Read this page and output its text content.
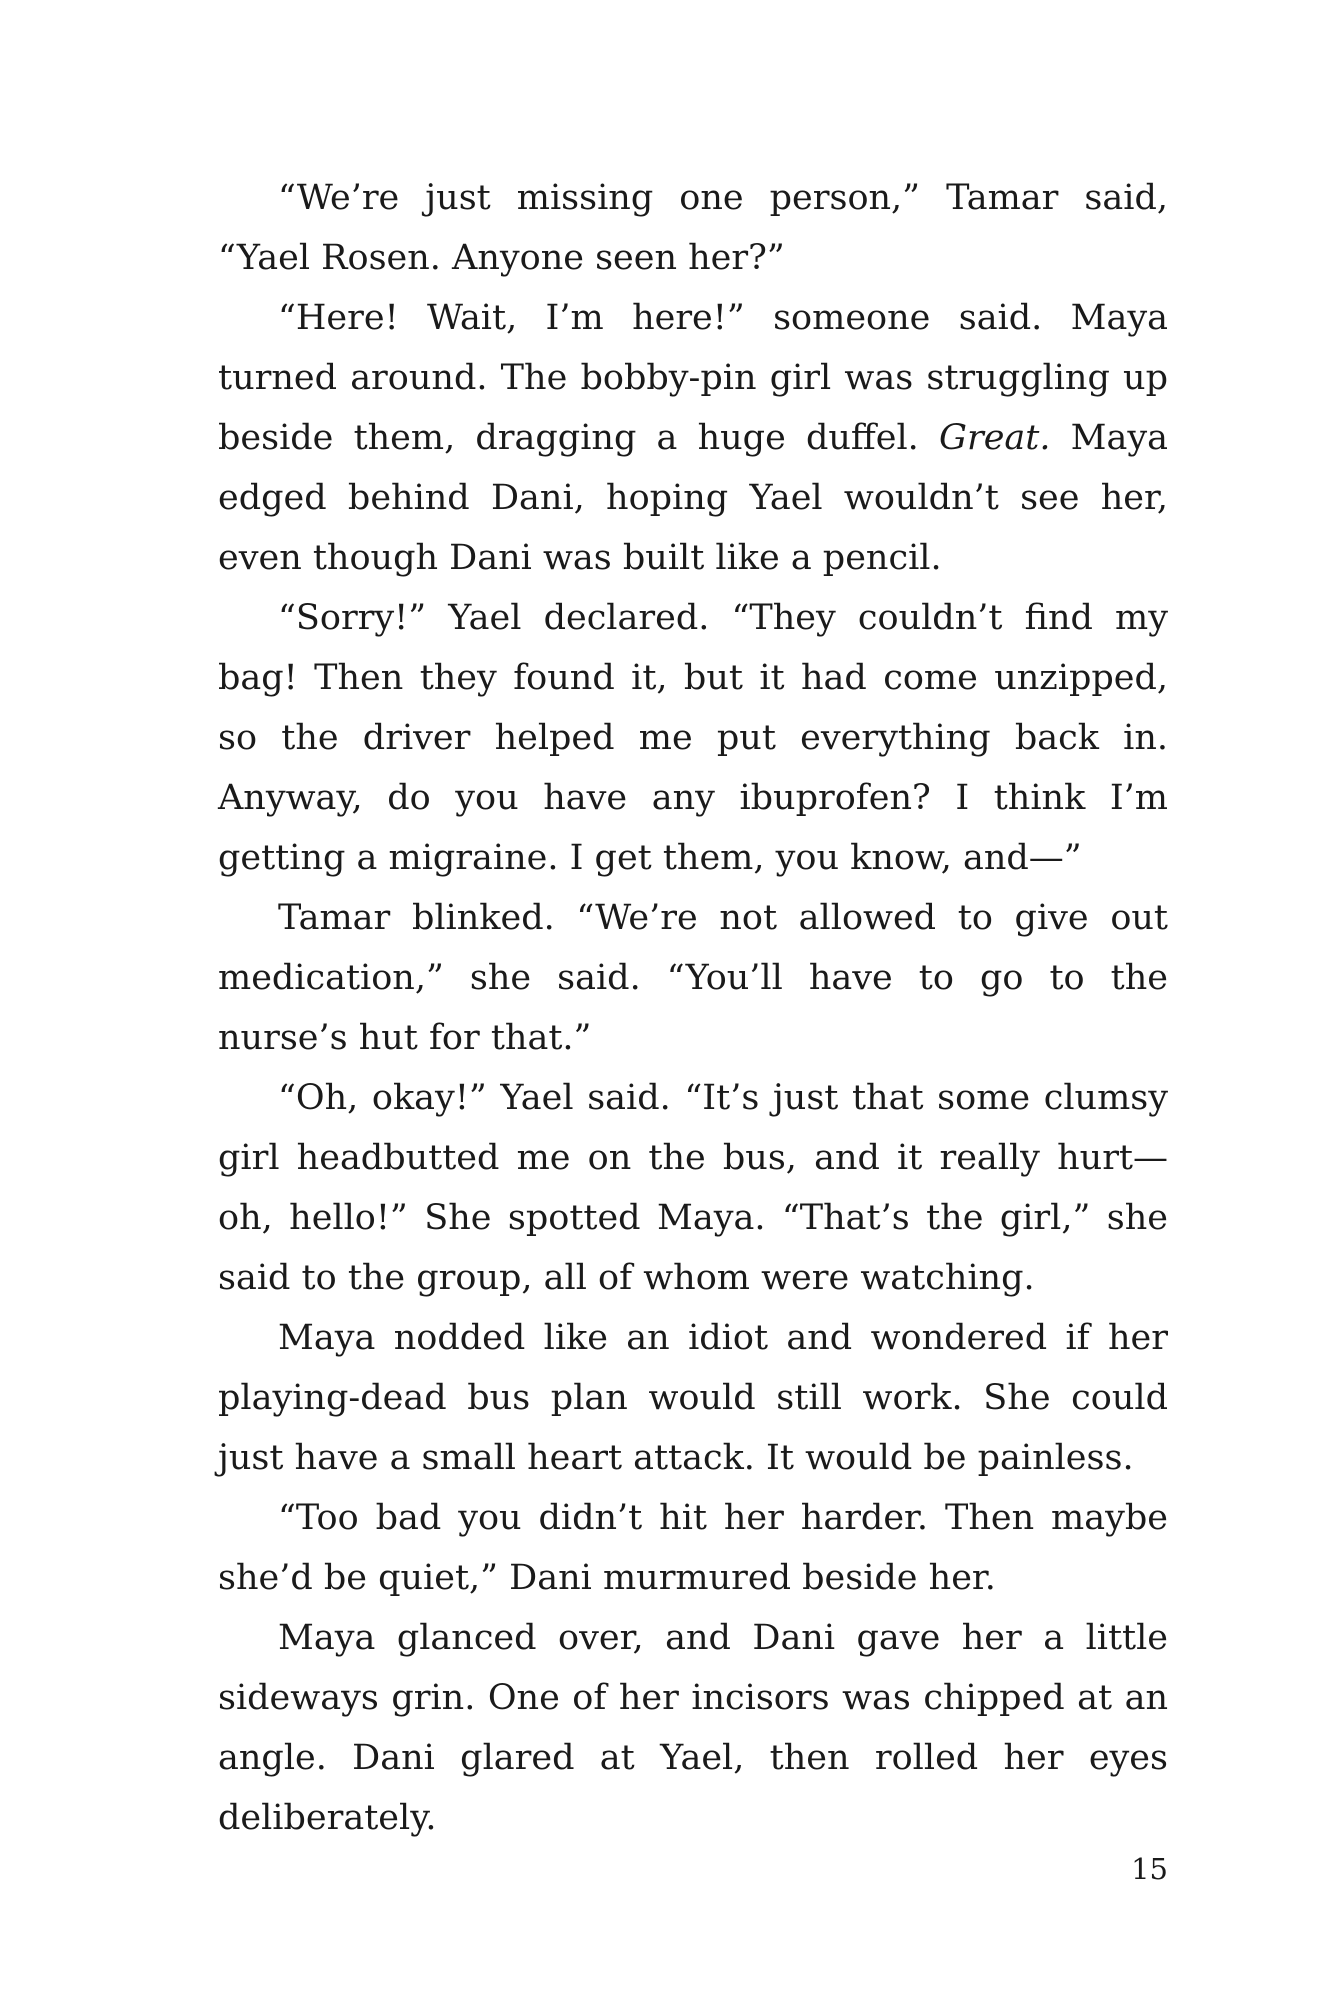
“We’re just missing one person,” Tamar said, “Yael Rosen. Anyone seen her?”

“Here! Wait, I’m here!” someone said. Maya turned around. The bobby-pin girl was struggling up beside them, dragging a huge duffel. Great. Maya edged behind Dani, hoping Yael wouldn’t see her, even though Dani was built like a pencil.

“Sorry!” Yael declared. “They couldn’t find my bag! Then they found it, but it had come unzipped, so the driver helped me put everything back in. Anyway, do you have any ibuprofen? I think I’m getting a migraine. I get them, you know, and—”

Tamar blinked. “We’re not allowed to give out medication,” she said. “You’ll have to go to the nurse’s hut for that.”

“Oh, okay!” Yael said. “It’s just that some clumsy girl headbutted me on the bus, and it really hurt—oh, hello!” She spotted Maya. “That’s the girl,” she said to the group, all of whom were watching.

Maya nodded like an idiot and wondered if her playing-dead bus plan would still work. She could just have a small heart attack. It would be painless.

“Too bad you didn’t hit her harder. Then maybe she’d be quiet,” Dani murmured beside her.

Maya glanced over, and Dani gave her a little sideways grin. One of her incisors was chipped at an angle. Dani glared at Yael, then rolled her eyes deliberately.

15
